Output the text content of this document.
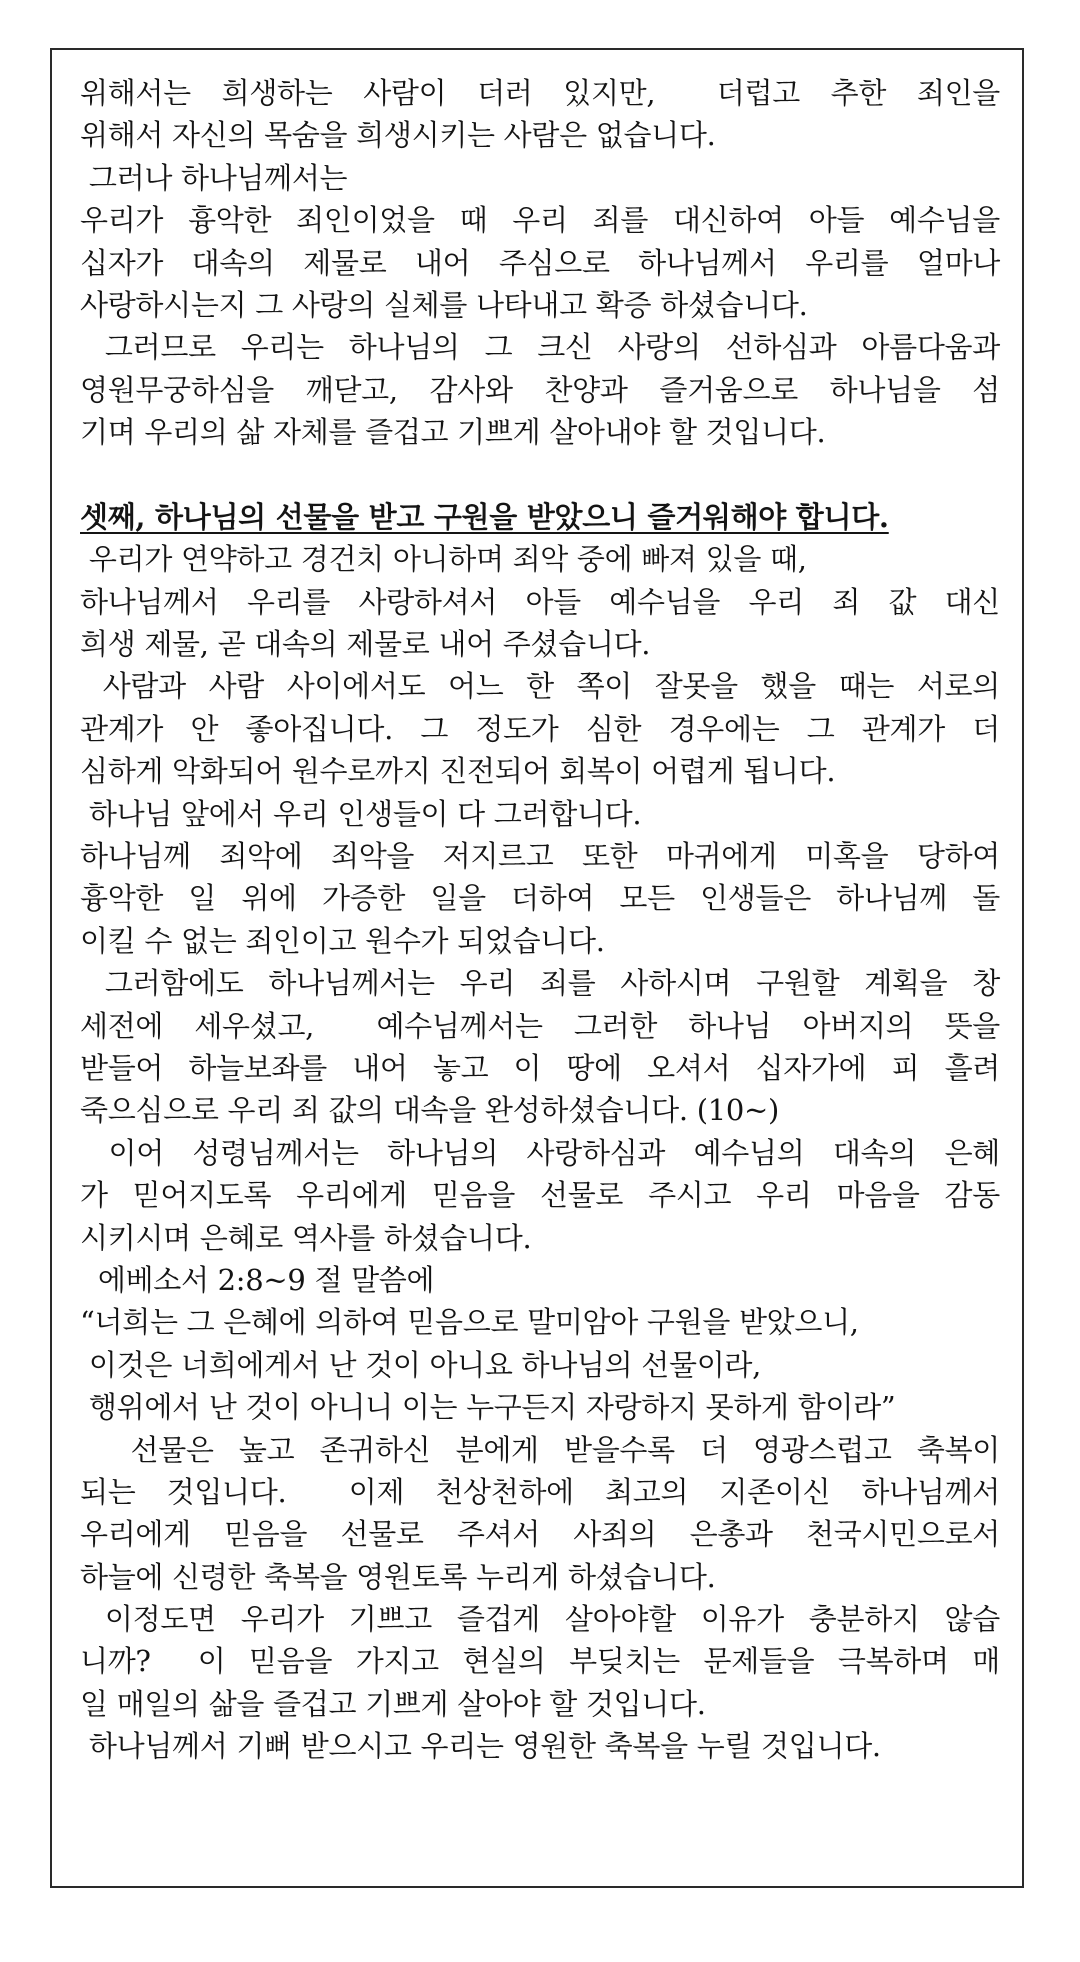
위해서는 희생하는 사람이 더러 있지만,  더럽고 추한 죄인을
위해서 자신의 목숨을 희생시키는 사람은 없습니다.
그러나 하나님께서는
우리가 흉악한 죄인이었을 때 우리 죄를 대신하여 아들 예수님을
십자가 대속의 제물로 내어 주심으로 하나님께서 우리를 얼마나
사랑하시는지 그 사랑의 실체를 나타내고 확증 하셨습니다.
그러므로 우리는 하나님의 그 크신 사랑의 선하심과 아름다움과
영원무궁하심을 깨닫고, 감사와 찬양과 즐거움으로 하나님을 섬
기며 우리의 삶 자체를 즐겁고 기쁘게 살아내야 할 것입니다.
셋째, 하나님의 선물을 받고 구원을 받았으니 즐거워해야 합니다.
우리가 연약하고 경건치 아니하며 죄악 중에 빠져 있을 때,
하나님께서 우리를 사랑하셔서 아들 예수님을 우리 죄 값 대신
희생 제물, 곧 대속의 제물로 내어 주셨습니다.
사람과 사람 사이에서도 어느 한 쪽이 잘못을 했을 때는 서로의
관계가 안 좋아집니다. 그 정도가 심한 경우에는 그 관계가 더
심하게 악화되어 원수로까지 진전되어 회복이 어렵게 됩니다.
하나님 앞에서 우리 인생들이 다 그러합니다.
하나님께 죄악에 죄악을 저지르고 또한 마귀에게 미혹을 당하여
흉악한 일 위에 가증한 일을 더하여 모든 인생들은 하나님께 돌
이킬 수 없는 죄인이고 원수가 되었습니다.
그러함에도 하나님께서는 우리 죄를 사하시며 구원할 계획을 창
세전에 세우셨고,  예수님께서는 그러한 하나님 아버지의 뜻을
받들어 하늘보좌를 내어 놓고 이 땅에 오셔서 십자가에 피 흘려
죽으심으로 우리 죄 값의 대속을 완성하셨습니다. (10~)
이어 성령님께서는 하나님의 사랑하심과 예수님의 대속의 은혜
가 믿어지도록 우리에게 믿음을 선물로 주시고 우리 마음을 감동
시키시며 은혜로 역사를 하셨습니다.
에베소서 2:8~9 절 말씀에
“너희는 그 은혜에 의하여 믿음으로 말미암아 구원을 받았으니,
이것은 너희에게서 난 것이 아니요 하나님의 선물이라,
행위에서 난 것이 아니니 이는 누구든지 자랑하지 못하게 함이라”
선물은 높고 존귀하신 분에게 받을수록 더 영광스럽고 축복이
되는 것입니다.  이제 천상천하에 최고의 지존이신 하나님께서
우리에게 믿음을 선물로 주셔서 사죄의 은총과 천국시민으로서
하늘에 신령한 축복을 영원토록 누리게 하셨습니다.
이정도면 우리가 기쁘고 즐겁게 살아야할 이유가 충분하지 않습
니까?  이 믿음을 가지고 현실의 부딪치는 문제들을 극복하며 매
일 매일의 삶을 즐겁고 기쁘게 살아야 할 것입니다.
하나님께서 기뻐 받으시고 우리는 영원한 축복을 누릴 것입니다.
